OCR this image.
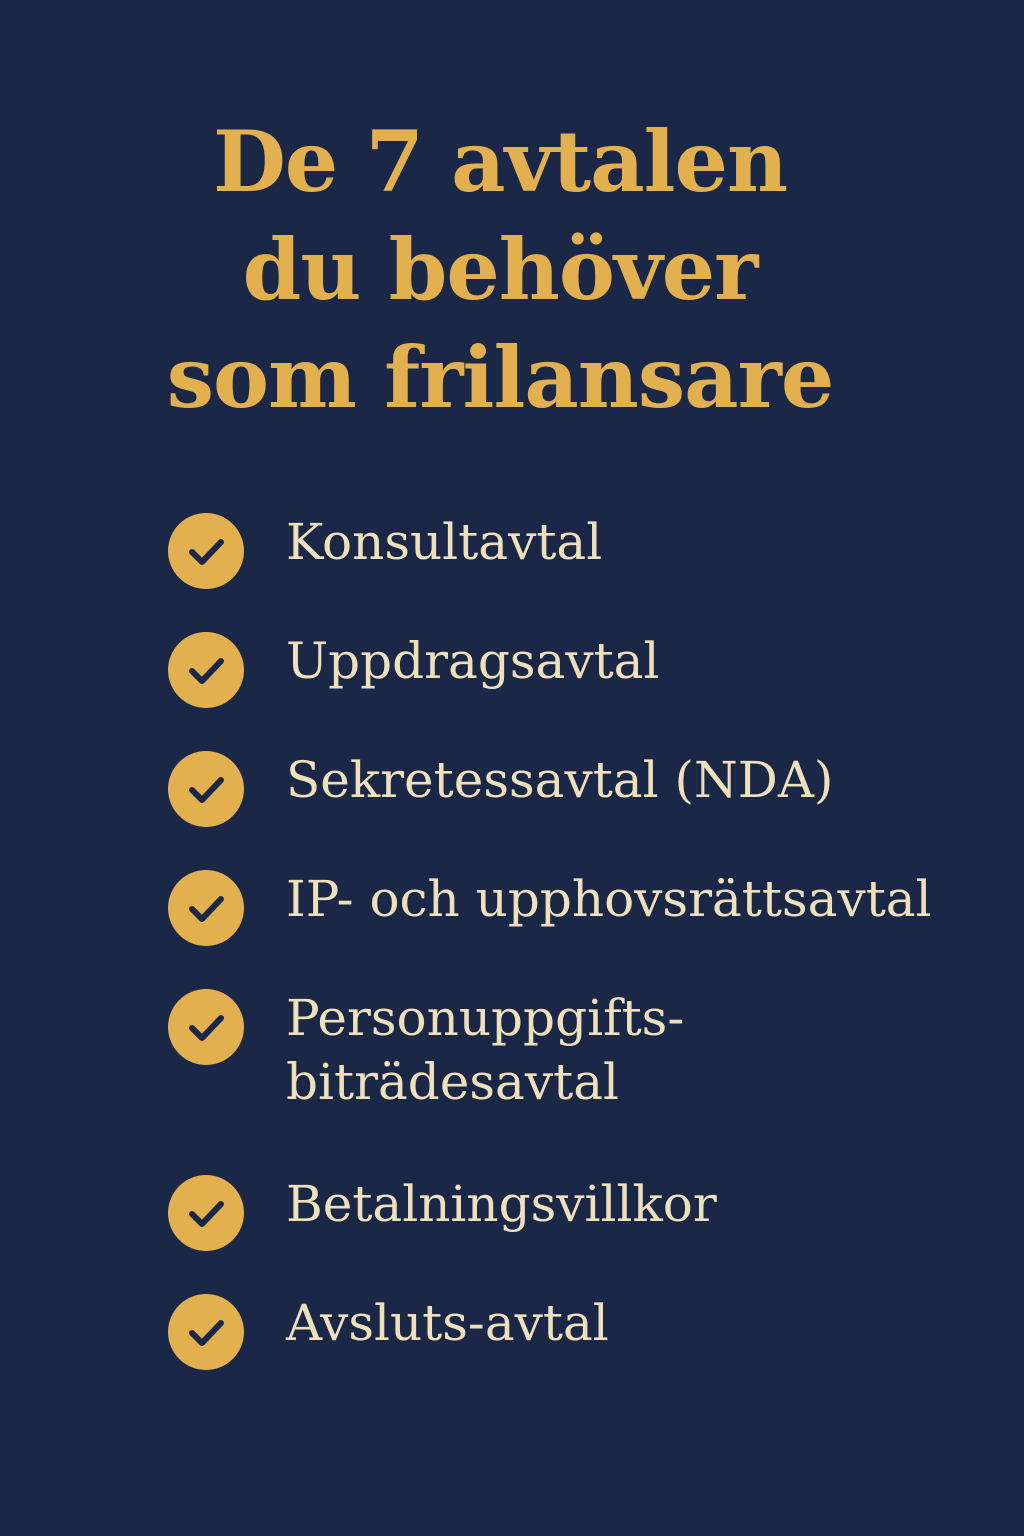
De 7 avtalen
du behöver
som frilansare
Konsultavtal
Uppdragsavtal
Sekretessavtal (NDA)
IP- och upphovsrättsavtal
Personuppgifts-
biträdesavtal
Betalningsvillkor
Avsluts-avtal
